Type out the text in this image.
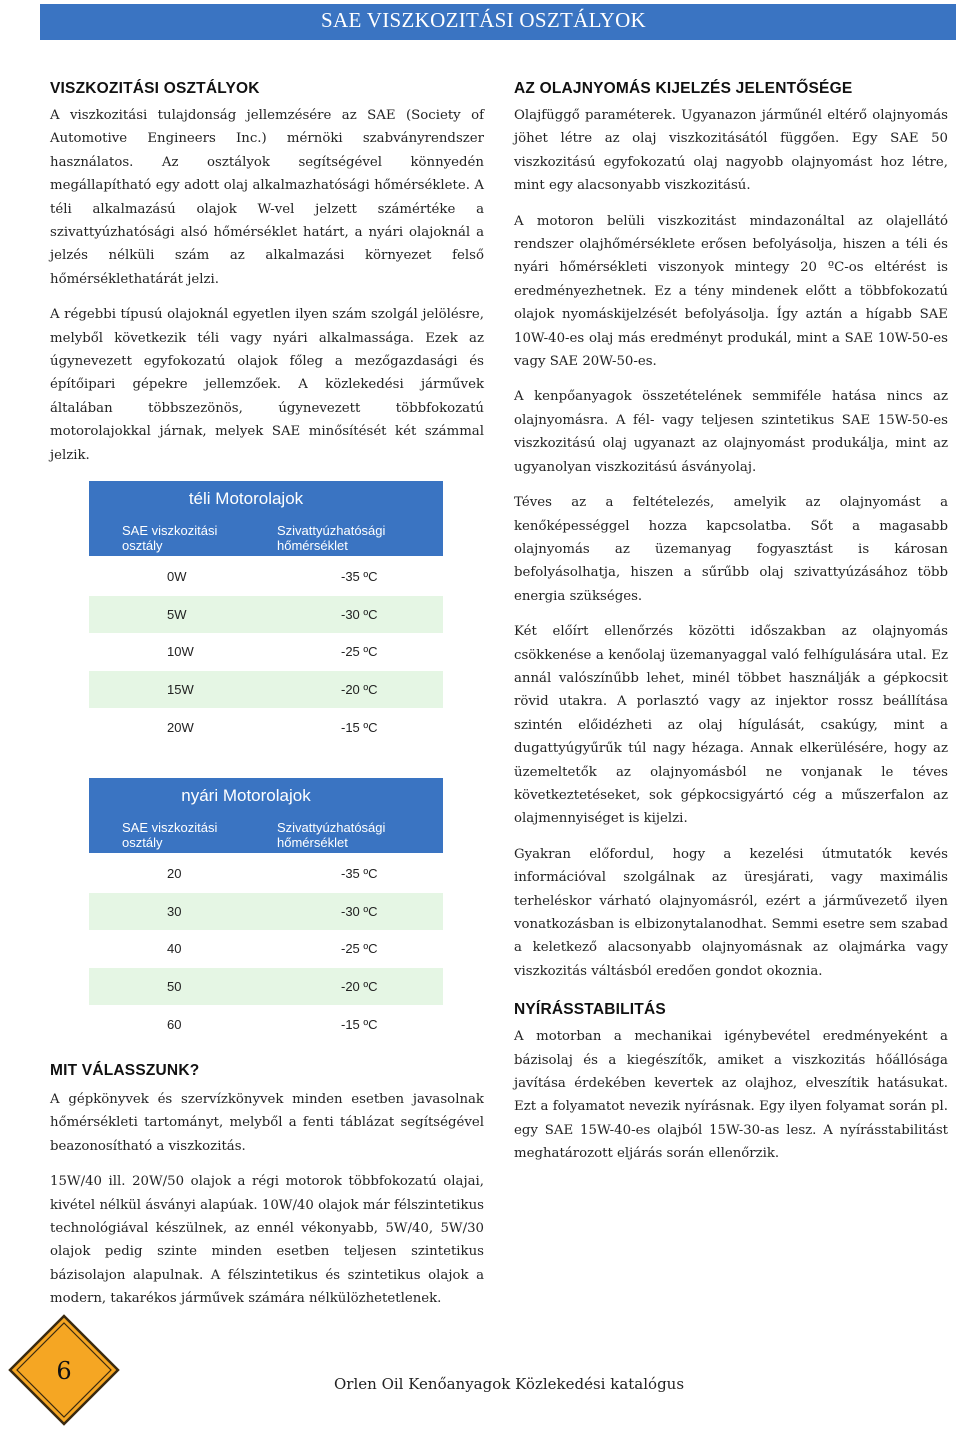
SAE VISZKOZITÁSI OSZTÁLYOK
VISZKOZITÁSI OSZTÁLYOK

A viszkozitási tulajdonság jellemzésére az SAE (Society of Automotive Engineers Inc.) mérnöki szabványrendszer használatos. Az osztályok segítségével könnyedén megállapítható egy adott olaj alkalmazhatósági hőmérséklete. A téli alkalmazású olajok W-vel jelzett számértéke a szivattyúzhatósági alsó hőmérséklet határt, a nyári olajoknál a jelzés nélküli szám az alkalmazási környezet felső hőmérséklethatárát jelzi.

A régebbi típusú olajoknál egyetlen ilyen szám szolgál jelölésre, melyből következik téli vagy nyári alkalmassága. Ezek az úgynevezett egyfokozatú olajok főleg a mezőgazdasági és építőipari gépekre jellemzőek. A közlekedési járművek általában többszezönös, úgynevezett többfokozatú motorolajokkal járnak, melyek SAE minősítését két számmal jelzik.

téli Motorolajok
SAE viszkozitási osztály
Szivattyúzhatósági hőmérséklet
0W	-35 ºC
5W	-30 ºC
10W	-25 ºC
15W	-20 ºC
20W	-15 ºC
nyári Motorolajok
SAE viszkozitási osztály
Szivattyúzhatósági hőmérséklet
20	-35 ºC
30	-30 ºC
40	-25 ºC
50	-20 ºC
60	-15 ºC
MIT VÁLASSZUNK?

A gépkönyvek és szervízkönyvek minden esetben javasolnak hőmérsékleti tartományt, melyből a fenti táblázat segítségével beazonosítható a viszkozitás.

15W/40 ill. 20W/50 olajok a régi motorok többfokozatú olajai, kivétel nélkül ásványi alapúak. 10W/40 olajok már félszintetikus technológiával készülnek, az ennél vékonyabb, 5W/40, 5W/30 olajok pedig szinte minden esetben teljesen szintetikus bázisolajon alapulnak. A félszintetikus és szintetikus olajok a modern, takarékos járművek számára nélkülözhetetlenek.

AZ OLAJNYOMÁS KIJELZÉS JELENTŐSÉGE

Olajfüggő paraméterek. Ugyanazon járműnél eltérő olajnyomás jöhet létre az olaj viszkozitásától függően. Egy SAE 50 viszkozitású egyfokozatú olaj nagyobb olajnyomást hoz létre, mint egy alacsonyabb viszkozitású.

A motoron belüli viszkozitást mindazonáltal az olajellátó rendszer olajhőmérséklete erősen befolyásolja, hiszen a téli és nyári hőmérsékleti viszonyok mintegy 20 ºC-os eltérést is eredményezhetnek. Ez a tény mindenek előtt a többfokozatú olajok nyomáskijelzését befolyásolja. Így aztán a hígabb SAE 10W-40-es olaj más eredményt produkál, mint a SAE 10W-50-es vagy SAE 20W-50-es.

A kenpőanyagok összetételének semmiféle hatása nincs az olajnyomásra. A fél- vagy teljesen szintetikus SAE 15W-50-es viszkozitású olaj ugyanazt az olajnyomást produkálja, mint az ugyanolyan viszkozitású ásványolaj.

Téves az a feltételezés, amelyik az olajnyomást a kenőképességgel hozza kapcsolatba. Sőt a magasabb olajnyomás az üzemanyag fogyasztást is károsan befolyásolhatja, hiszen a sűrűbb olaj szivattyúzásához több energia szükséges.

Két előírt ellenőrzés közötti időszakban az olajnyomás csökkenése a kenőolaj üzemanyaggal való felhígulására utal. Ez annál valószínűbb lehet, minél többet használják a gépkocsit rövid utakra. A porlasztó vagy az injektor rossz beállítása szintén előidézheti az olaj hígulását, csakúgy, mint a dugattyúgyűrűk túl nagy hézaga. Annak elkerülésére, hogy az üzemeltetők az olajnyomásból ne vonjanak le téves következtetéseket, sok gépkocsigyártó cég a műszerfalon az olajmennyiséget is kijelzi.

Gyakran előfordul, hogy a kezelési útmutatók kevés információval szolgálnak az üresjárati, vagy maximális terheléskor várható olajnyomásról, ezért a járművezető ilyen vonatkozásban is elbizonytalanodhat. Semmi esetre sem szabad a keletkező alacsonyabb olajnyomásnak az olajmárka vagy viszkozitás váltásból eredően gondot okoznia.

NYÍRÁSSTABILITÁS

A motorban a mechanikai igénybevétel eredményeként a bázisolaj és a kiegészítők, amiket a viszkozitás hőállósága javítása érdekében kevertek az olajhoz, elveszítik hatásukat. Ezt a folyamatot nevezik nyírásnak. Egy ilyen folyamat során pl. egy SAE 15W-40-es olajból 15W-30-as lesz. A nyírásstabilitást meghatározott eljárás során ellenőrzik.

6	Orlen Oil Kenőanyagok Közlekedési katalógus
